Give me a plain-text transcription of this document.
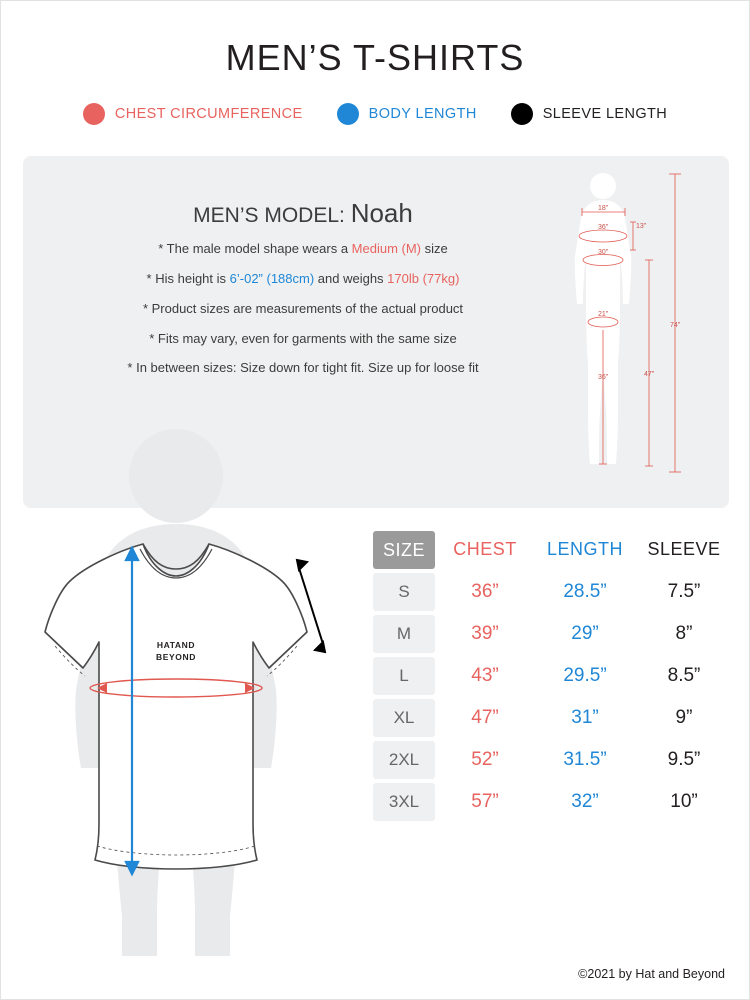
MEN’S T-SHIRTS
CHEST CIRCUMFERENCE	BODY LENGTH	SLEEVE LENGTH
MEN’S MODEL: Noah
* The male model shape wears a Medium (M) size
* His height is 6’-02” (188cm) and weighs 170lb (77kg)
* Product sizes are measurements of the actual product
* Fits may vary, even for garments with the same size
* In between sizes: Size down for tight fit. Size up for loose fit
18”
36”	13”
30”
21”
36”	47”
74”
HATAND
BEYOND
SIZE	CHEST	LENGTH	SLEEVE
S	36”	28.5”	7.5”
M	39”	29”	8”
L	43”	29.5”	8.5”
XL	47”	31”	9”
2XL	52”	31.5”	9.5”
3XL	57”	32”	10”
©2021 by Hat and Beyond
